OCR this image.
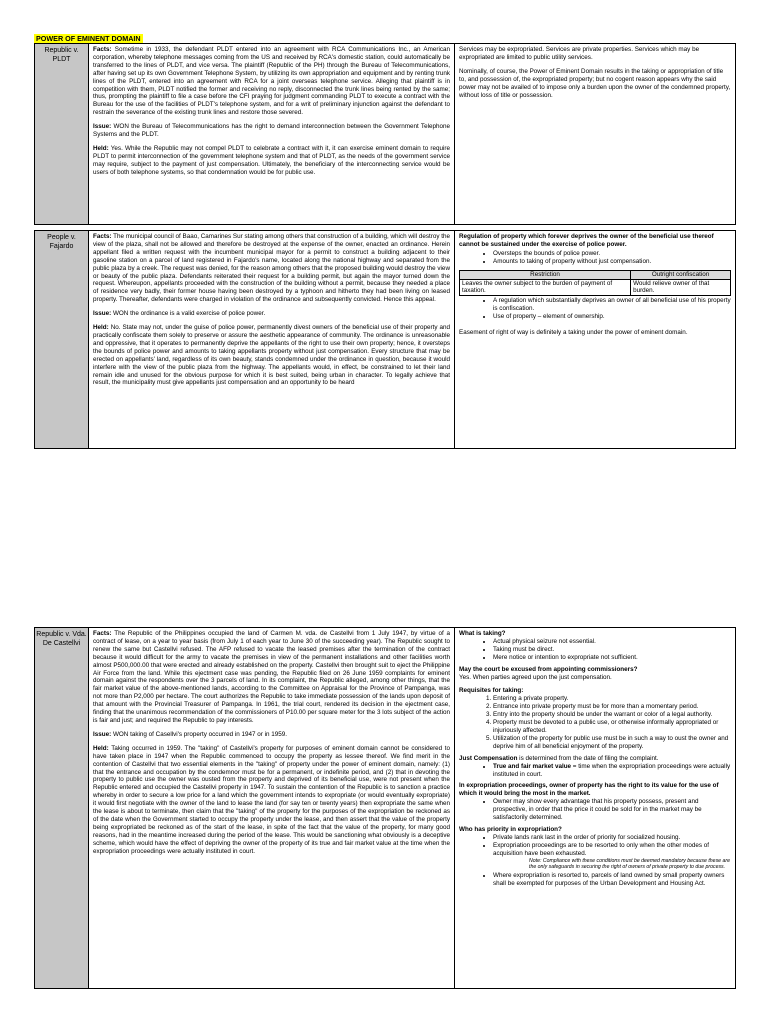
POWER OF EMINENT DOMAIN
Republic v. PLDT

Facts: Sometime in 1933, the defendant PLDT entered into an agreement with RCA Communications Inc., an American corporation, whereby telephone messages coming from the US and received by RCA's domestic station, could automatically be transferred to the lines of PLDT, and vice versa. The plaintiff (Republic of the PH) through the Bureau of Telecommunications, after having set up its own Government Telephone System, by utilizing its own appropriation and equipment and by renting trunk lines of the PLDT, entered into an agreement with RCA for a joint overseas telephone service. Alleging that plaintiff is in competition with them, PLDT notified the former and receiving no reply, disconnected the trunk lines being rented by the same; thus, prompting the plaintiff to file a case before the CFI praying for judgment commanding PLDT to execute a contract with the Bureau for the use of the facilities of PLDT's telephone system, and for a writ of preliminary injunction against the defendant to restrain the severance of the existing trunk lines and restore those severed.

Issue: WON the Bureau of Telecommunications has the right to demand interconnection between the Government Telephone Systems and the PLDT.

Held: Yes. While the Republic may not compel PLDT to celebrate a contract with it, it can exercise eminent domain to require PLDT to permit interconnection of the government telephone system and that of PLDT, as the needs of the government service may require, subject to the payment of just compensation. Ultimately, the beneficiary of the interconnecting service would be users of both telephone systems, so that condemnation would be for public use.

Services may be expropriated. Services are private properties. Services which may be expropriated are limited to public utility services.

Nominally, of course, the Power of Eminent Domain results in the taking or appropriation of title to, and possession of, the expropriated property; but no cogent reason appears why the said power may not be availed of to impose only a burden upon the owner of the condemned property, without loss of title or possession.

People v. Fajardo

Facts: The municipal council of Baao, Camarines Sur stating among others that construction of a building, which will destroy the view of the plaza, shall not be allowed and therefore be destroyed at the expense of the owner, enacted an ordinance. Herein appellant filed a written request with the incumbent municipal mayor for a permit to construct a building adjacent to their gasoline station on a parcel of land registered in Fajardo's name, located along the national highway and separated from the public plaza by a creek. The request was denied, for the reason among others that the proposed building would destroy the view or beauty of the public plaza. Defendants reiterated their request for a building permit, but again the mayor turned down the request. Whereupon, appellants proceeded with the construction of the building without a permit, because they needed a place of residence very badly, their former house having been destroyed by a typhoon and hitherto they had been living on leased property. Thereafter, defendants were charged in violation of the ordinance and subsequently convicted. Hence this appeal.

Issue: WON the ordinance is a valid exercise of police power.

Held: No. State may not, under the guise of police power, permanently divest owners of the beneficial use of their property and practically confiscate them solely to preserve or assure the aesthetic appearance of community. The ordinance is unreasonable and oppressive, that it operates to permanently deprive the appellants of the right to use their own property; hence, it oversteps the bounds of police power and amounts to taking appellants property without just compensation. Every structure that may be erected on appellants' land, regardless of its own beauty, stands condemned under the ordinance in question, because it would interfere with the view of the public plaza from the highway. The appellants would, in effect, be constrained to let their land remain idle and unused for the obvious purpose for which it is best suited, being urban in character. To legally achieve that result, the municipality must give appellants just compensation and an opportunity to be heard

Regulation of property which forever deprives the owner of the beneficial use thereof cannot be sustained under the exercise of police power.

• Oversteps the bounds of police power.
• Amounts to taking of property without just compensation.
Restriction	Outright confiscation
Leaves the owner subject to the burden of payment of taxation.	Would relieve owner of that burden.
• A regulation which substantially deprives an owner of all beneficial use of his property is confiscation.
• Use of property – element of ownership.

Easement of right of way is definitely a taking under the power of eminent domain.

Republic v. Vda. De Castellvi

Facts: The Republic of the Philippines occupied the land of Carmen M. vda. de Castellvi from 1 July 1947, by virtue of a contract of lease, on a year to year basis (from July 1 of each year to June 30 of the succeeding year). The Republic sought to renew the same but Castellvi refused. The AFP refused to vacate the leased premises after the termination of the contract because it would difficult for the army to vacate the premises in view of the permanent installations and other facilities worth almost P500,000.00 that were erected and already established on the property. Castellvi then brought suit to eject the Philippine Air Force from the land. While this ejectment case was pending, the Republic filed on 26 June 1959 complaints for eminent domain against the respondents over the 3 parcels of land. In its complaint, the Republic alleged, among other things, that the fair market value of the above-mentioned lands, according to the Committee on Appraisal for the Province of Pampanga, was not more than P2,000 per hectare. The court authorizes the Republic to take immediate possession of the lands upon deposit of that amount with the Provincial Treasurer of Pampanga. In 1961, the trial court, rendered its decision in the ejectment case, finding that the unanimous recommendation of the commissioners of P10.00 per square meter for the 3 lots subject of the action is fair and just; and required the Republic to pay interests.

Issue: WON taking of Casellvi's property occurred in 1947 or in 1959.

Held: Taking occurred in 1959. The "taking" of Castellvi's property for purposes of eminent domain cannot be considered to have taken place in 1947 when the Republic commenced to occupy the property as lessee thereof. We find merit in the contention of Castellvi that two essential elements in the "taking" of property under the power of eminent domain, namely: (1) that the entrance and occupation by the condemnor must be for a permanent, or indefinite period, and (2) that in devoting the property to public use the owner was ousted from the property and deprived of its beneficial use, were not present when the Republic entered and occupied the Castellvi property in 1947. To sustain the contention of the Republic is to sanction a practice whereby in order to secure a low price for a land which the government intends to expropriate (or would eventually expropriate) it would first negotiate with the owner of the land to lease the land (for say ten or twenty years) then expropriate the same when the lease is about to terminate, then claim that the "taking" of the property for the purposes of the expropriation be reckoned as of the date when the Government started to occupy the property under the lease, and then assert that the value of the property being expropriated be reckoned as of the start of the lease, in spite of the fact that the value of the property, for many good reasons, had in the meantime increased during the period of the lease. This would be sanctioning what obviously is a deceptive scheme, which would have the effect of depriving the owner of the property of its true and fair market value at the time when the expropriation proceedings were actually instituted in court.

What is taking?

• Actual physical seizure not essential.
• Taking must be direct.
• Mere notice or intention to expropriate not sufficient.

May the court be excused from appointing commissioners?

Yes. When parties agreed upon the just compensation.

Requisites for taking:

1. Entering a private property.
2. Entrance into private property must be for more than a momentary period.
3. Entry into the property should be under the warrant or color of a legal authority.
4. Property must be devoted to a public use, or otherwise informally appropriated or injuriously affected.
5. Utilization of the property for public use must be in such a way to oust the owner and deprive him of all beneficial enjoyment of the property.

Just Compensation is determined from the date of filing the complaint.

• True and fair market value = time when the expropriation proceedings were actually instituted in court.

In expropriation proceedings, owner of property has the right to its value for the use of which it would bring the most in the market.

• Owner may show every advantage that his property possess, present and prospective, in order that the price it could be sold for in the market may be satisfactorily determined.

Who has priority in expropriation?

• Private lands rank last in the order of priority for socialized housing.
• Expropriation proceedings are to be resorted to only when the other modes of acquisition have been exhausted.

Note: Compliance with these conditions must be deemed mandatory because these are the only safeguards in securing the right of owners of private property to due process.

• Where expropriation is resorted to, parcels of land owned by small property owners shall be exempted for purposes of the Urban Development and Housing Act.
